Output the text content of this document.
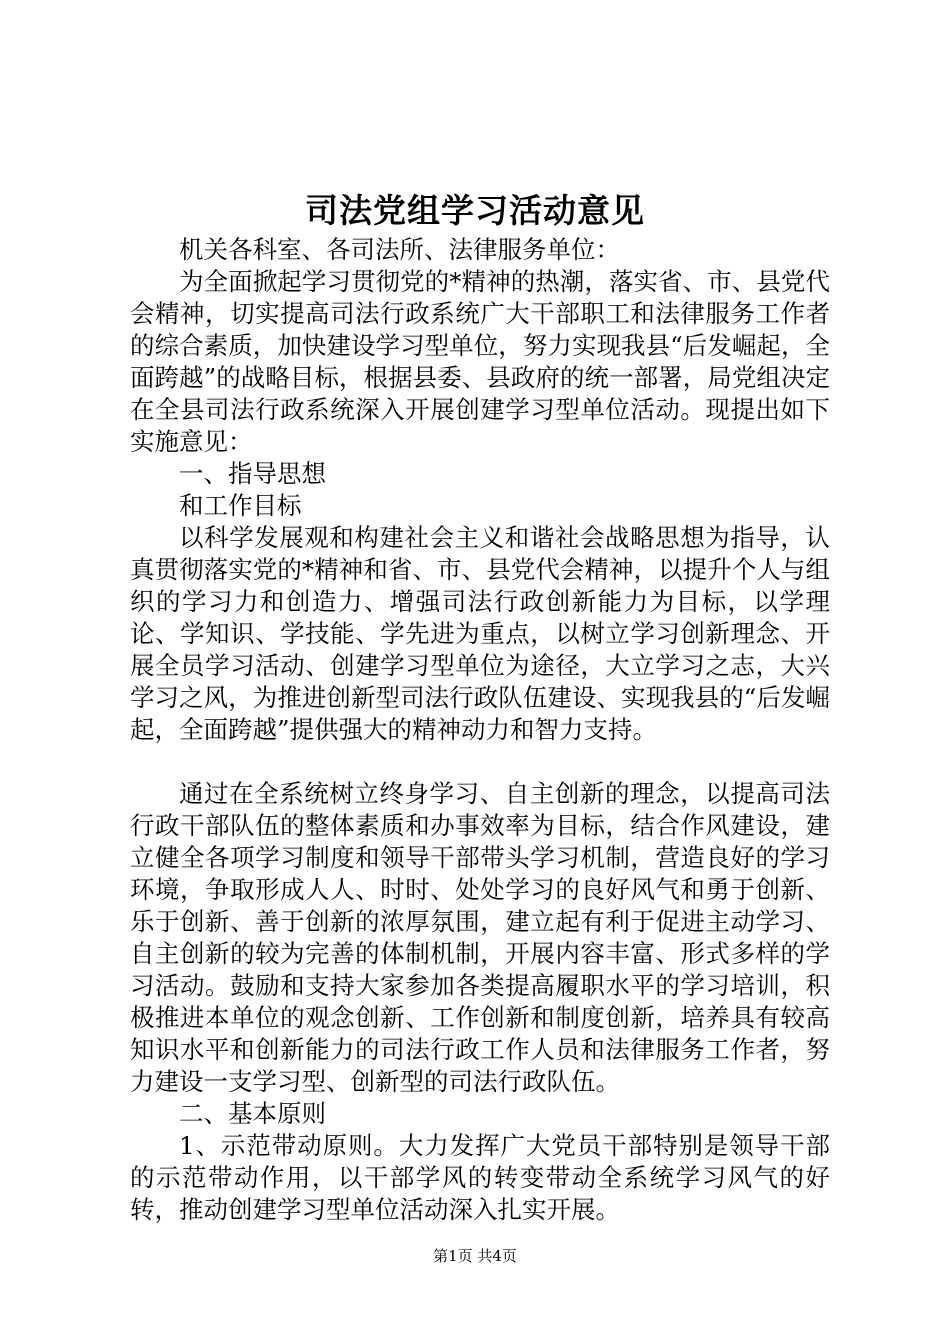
司法党组学习活动意见

机关各科室、各司法所、法律服务单位：

为全面掀起学习贯彻党的*精神的热潮，落实省、市、县党代会精神，切实提高司法行政系统广大干部职工和法律服务工作者的综合素质，加快建设学习型单位，努力实现我县“后发崛起，全面跨越”的战略目标，根据县委、县政府的统一部署，局党组决定在全县司法行政系统深入开展创建学习型单位活动。现提出如下实施意见：

一、指导思想

和工作目标

以科学发展观和构建社会主义和谐社会战略思想为指导，认真贯彻落实党的*精神和省、市、县党代会精神，以提升个人与组织的学习力和创造力、增强司法行政创新能力为目标，以学理论、学知识、学技能、学先进为重点，以树立学习创新理念、开展全员学习活动、创建学习型单位为途径，大立学习之志，大兴学习之风，为推进创新型司法行政队伍建设、实现我县的“后发崛起，全面跨越”提供强大的精神动力和智力支持。

通过在全系统树立终身学习、自主创新的理念，以提高司法行政干部队伍的整体素质和办事效率为目标，结合作风建设，建立健全各项学习制度和领导干部带头学习机制，营造良好的学习环境，争取形成人人、时时、处处学习的良好风气和勇于创新、乐于创新、善于创新的浓厚氛围，建立起有利于促进主动学习、自主创新的较为完善的体制机制，开展内容丰富、形式多样的学习活动。鼓励和支持大家参加各类提高履职水平的学习培训，积极推进本单位的观念创新、工作创新和制度创新，培养具有较高知识水平和创新能力的司法行政工作人员和法律服务工作者，努力建设一支学习型、创新型的司法行政队伍。

二、基本原则

1、示范带动原则。大力发挥广大党员干部特别是领导干部的示范带动作用，以干部学风的转变带动全系统学习风气的好转，推动创建学习型单位活动深入扎实开展。

第1页 共4页
